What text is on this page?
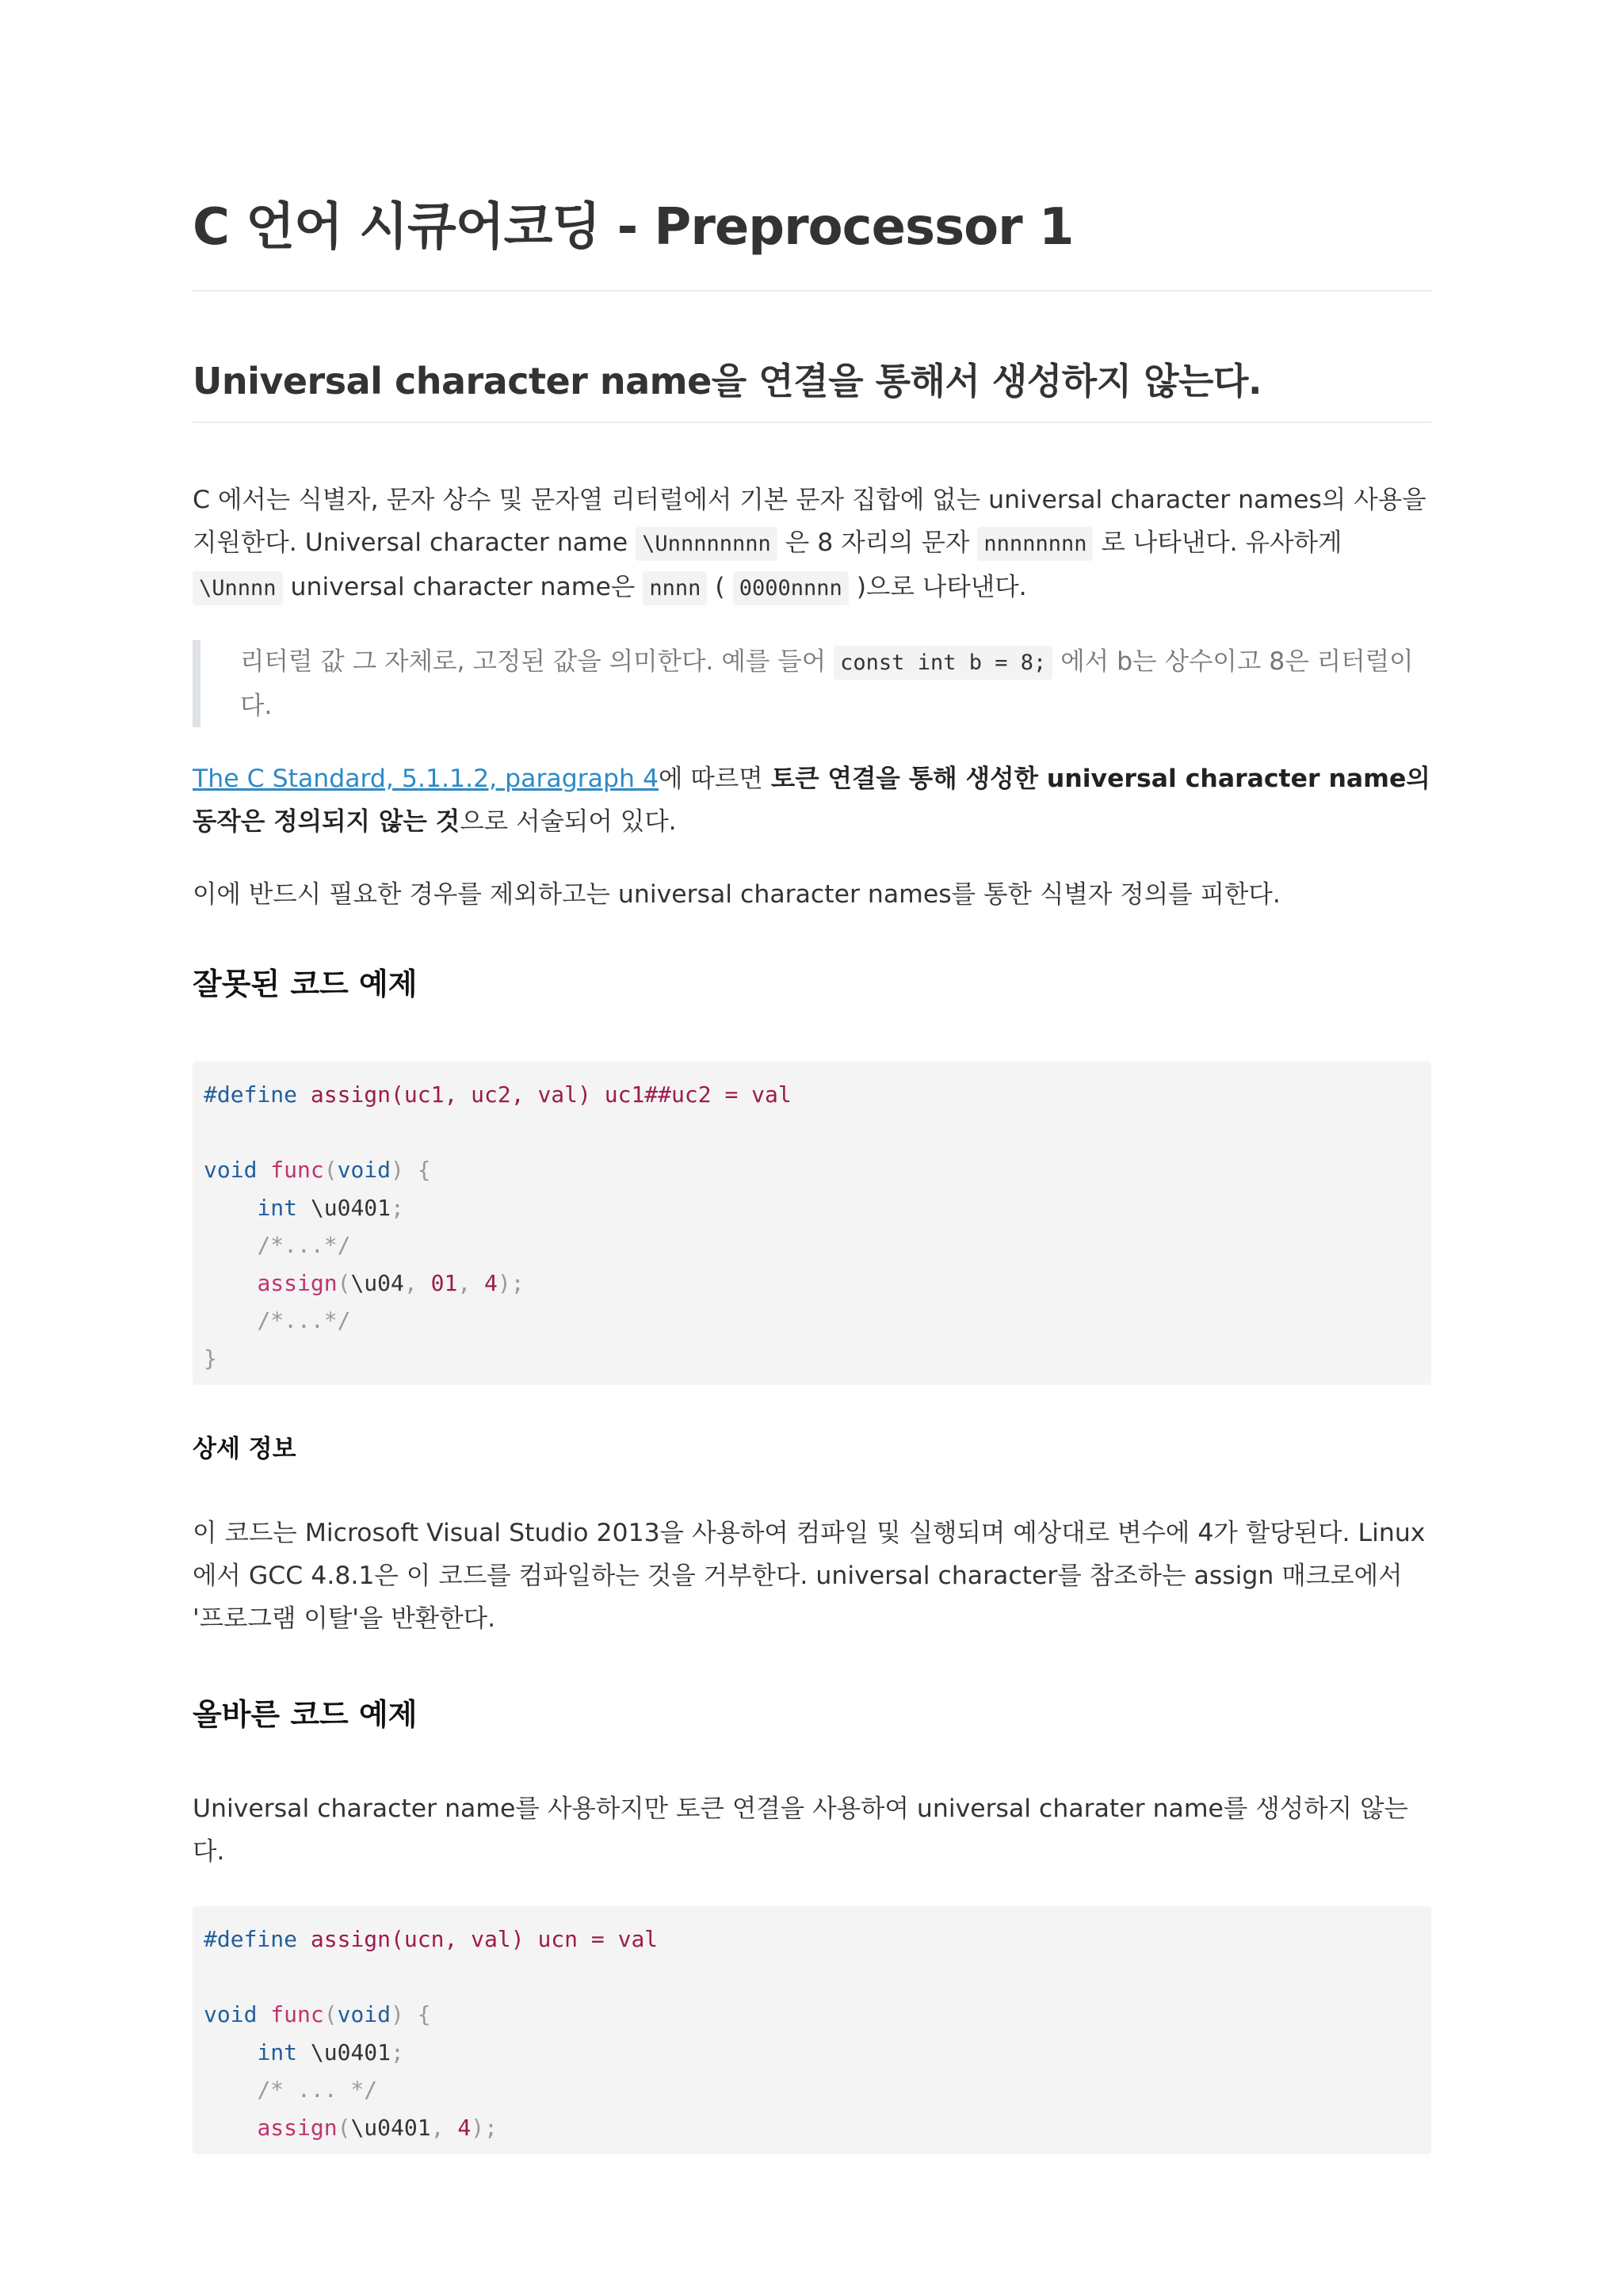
C 언어 시큐어코딩 - Preprocessor 1
Universal character name을 연결을 통해서 생성하지 않는다.

C 에서는 식별자, 문자 상수 및 문자열 리터럴에서 기본 문자 집합에 없는 universal character names의 사용을 지원한다. Universal character name \Unnnnnnnn 은 8 자리의 문자 nnnnnnnn 로 나타낸다. 유사하게 \Unnnn universal character name은 nnnn ( 0000nnnn )으로 나타낸다.

리터럴 값 그 자체로, 고정된 값을 의미한다. 예를 들어 const int b = 8; 에서 b는 상수이고 8은 리터럴이다.

The C Standard, 5.1.1.2, paragraph 4에 따르면 토큰 연결을 통해 생성한 universal character name의 동작은 정의되지 않는 것으로 서술되어 있다.

이에 반드시 필요한 경우를 제외하고는 universal character names를 통한 식별자 정의를 피한다.

잘못된 코드 예제
#define assign(uc1, uc2, val) uc1##uc2 = val

void func(void) {
int \u0401;
/*...*/
assign(\u04, 01, 4);
/*...*/
}
상세 정보

이 코드는 Microsoft Visual Studio 2013을 사용하여 컴파일 및 실행되며 예상대로 변수에 4가 할당된다. Linux에서 GCC 4.8.1은 이 코드를 컴파일하는 것을 거부한다. universal character를 참조하는 assign 매크로에서 '프로그램 이탈'을 반환한다.

올바른 코드 예제

Universal character name를 사용하지만 토큰 연결을 사용하여 universal charater name를 생성하지 않는다.

#define assign(ucn, val) ucn = val

void func(void) {
int \u0401;
/* ... */
assign(\u0401, 4);
